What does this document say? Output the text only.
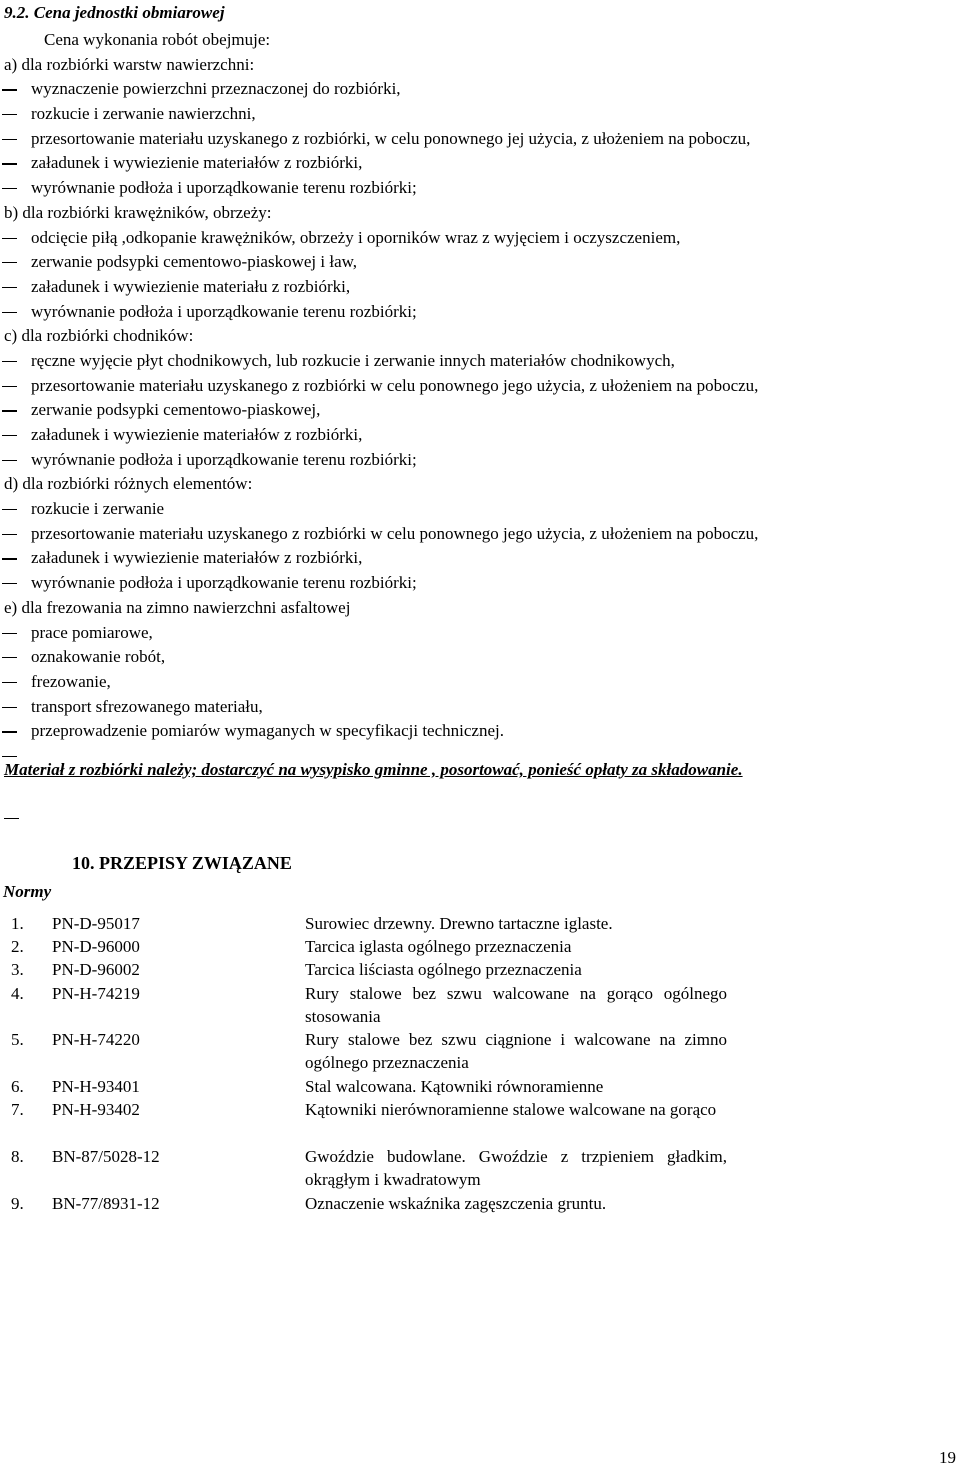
9.2. Cena jednostki obmiarowej
Cena wykonania robót obejmuje:
a) dla rozbiórki warstw nawierzchni:
wyznaczenie powierzchni przeznaczonej do rozbiórki,
rozkucie i zerwanie nawierzchni,
przesortowanie materiału uzyskanego z rozbiórki, w celu ponownego jej użycia, z ułożeniem na poboczu,
załadunek i wywiezienie materiałów z rozbiórki,
wyrównanie podłoża i uporządkowanie terenu rozbiórki;
b) dla rozbiórki krawężników, obrzeży:
odcięcie piłą ,odkopanie krawężników, obrzeży i oporników wraz z wyjęciem i oczyszczeniem,
zerwanie podsypki cementowo-piaskowej i ław,
załadunek i wywiezienie materiału z rozbiórki,
wyrównanie podłoża i uporządkowanie terenu rozbiórki;
c) dla rozbiórki chodników:
ręczne wyjęcie płyt chodnikowych, lub rozkucie i zerwanie innych materiałów chodnikowych,
przesortowanie materiału uzyskanego z rozbiórki w celu ponownego jego użycia, z ułożeniem na poboczu,
zerwanie podsypki cementowo-piaskowej,
załadunek i wywiezienie materiałów z rozbiórki,
wyrównanie podłoża i uporządkowanie terenu rozbiórki;
d) dla rozbiórki różnych elementów:
rozkucie i zerwanie
przesortowanie materiału uzyskanego z rozbiórki w celu ponownego jego użycia, z ułożeniem na poboczu,
załadunek i wywiezienie materiałów z rozbiórki,
wyrównanie podłoża i uporządkowanie terenu rozbiórki;
e) dla frezowania na zimno nawierzchni asfaltowej
prace pomiarowe,
oznakowanie robót,
frezowanie,
transport sfrezowanego materiału,
przeprowadzenie pomiarów wymaganych w specyfikacji technicznej.
Materiał z rozbiórki należy; dostarczyć na wysypisko gminne , posortować, ponieść opłaty za składowanie.
10. PRZEPISY ZWIĄZANE
Normy
1. PN-D-95017	Surowiec drzewny. Drewno tartaczne iglaste.
2. PN-D-96000	Tarcica iglasta ogólnego przeznaczenia
3. PN-D-96002	Tarcica liściasta ogólnego przeznaczenia
4. PN-H-74219	Rury stalowe bez szwu walcowane na gorąco ogólnego stosowania
5. PN-H-74220	Rury stalowe bez szwu ciągnione i walcowane na zimno ogólnego przeznaczenia
6. PN-H-93401	Stal walcowana. Kątowniki równoramienne
7. PN-H-93402	Kątowniki nierównoramienne stalowe walcowane na gorąco
8. BN-87/5028-12	Gwoździe budowlane. Gwoździe z trzpieniem gładkim, okrągłym i kwadratowym
9. BN-77/8931-12	Oznaczenie wskaźnika zagęszczenia gruntu.
19
